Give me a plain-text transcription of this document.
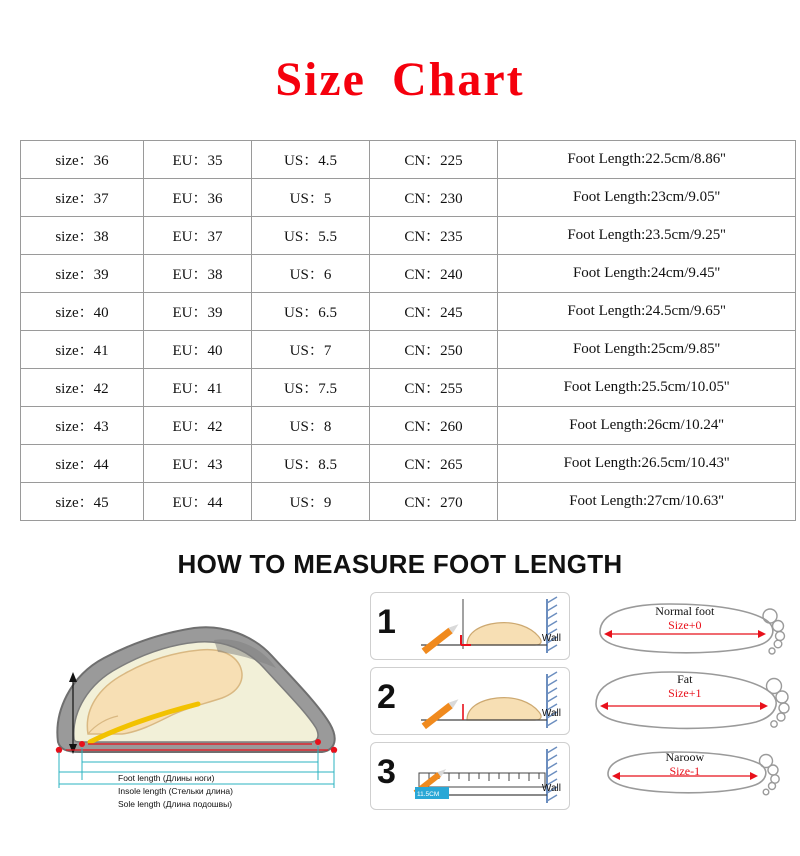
Size Chart
size：36	EU：35	US：4.5	CN：225	Foot Length:22.5cm/8.86''
size：37	EU：36	US：5	CN：230	Foot Length:23cm/9.05''
size：38	EU：37	US：5.5	CN：235	Foot Length:23.5cm/9.25''
size：39	EU：38	US：6	CN：240	Foot Length:24cm/9.45''
size：40	EU：39	US：6.5	CN：245	Foot Length:24.5cm/9.65''
size：41	EU：40	US：7	CN：250	Foot Length:25cm/9.85''
size：42	EU：41	US：7.5	CN：255	Foot Length:25.5cm/10.05''
size：43	EU：42	US：8	CN：260	Foot Length:26cm/10.24''
size：44	EU：43	US：8.5	CN：265	Foot Length:26.5cm/10.43''
size：45	EU：44	US：9	CN：270	Foot Length:27cm/10.63''
HOW TO MEASURE FOOT LENGTH
Foot length (Длины ноги)
Insole length (Стельки длина)
Sole length (Длина подошвы)
1	Wall
2	Wall
11.5CM
3	Wall
Normal foot
Size+0
Fat
Size+1
Naroow
Size-1
